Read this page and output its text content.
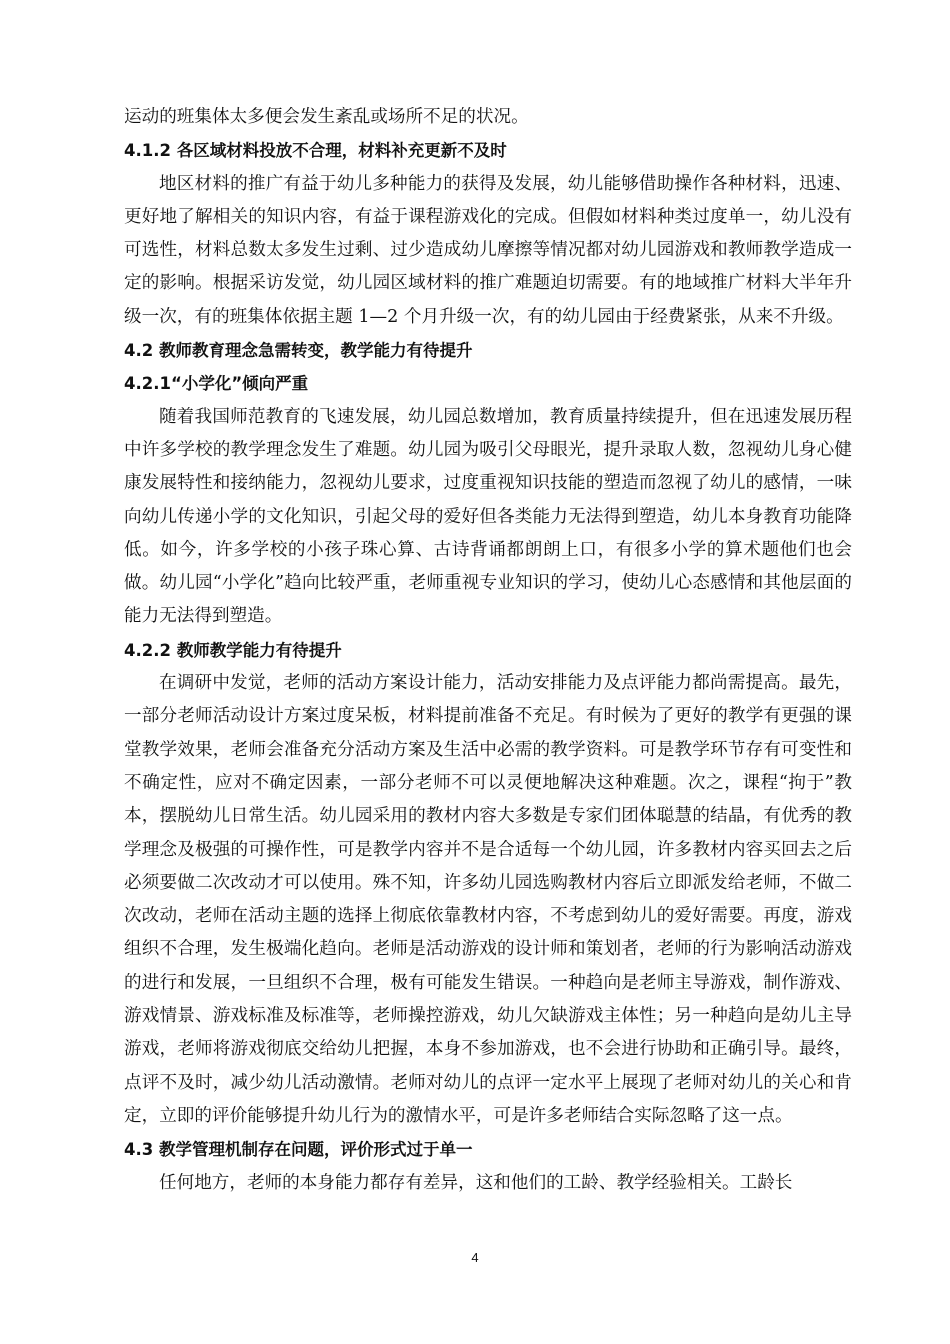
运动的班集体太多便会发生紊乱或场所不足的状况。

4.1.2 各区域材料投放不合理，材料补充更新不及时

地区材料的推广有益于幼儿多种能力的获得及发展，幼儿能够借助操作各种材料，迅速、更好地了解相关的知识内容，有益于课程游戏化的完成。但假如材料种类过度单一，幼儿没有可选性，材料总数太多发生过剩、过少造成幼儿摩擦等情况都对幼儿园游戏和教师教学造成一定的影响。根据采访发觉，幼儿园区域材料的推广难题迫切需要。有的地域推广材料大半年升级一次，有的班集体依据主题 1—2 个月升级一次，有的幼儿园由于经费紧张，从来不升级。

4.2 教师教育理念急需转变，教学能力有待提升

4.2.1“小学化”倾向严重

随着我国师范教育的飞速发展，幼儿园总数增加，教育质量持续提升，但在迅速发展历程中许多学校的教学理念发生了难题。幼儿园为吸引父母眼光，提升录取人数，忽视幼儿身心健康发展特性和接纳能力，忽视幼儿要求，过度重视知识技能的塑造而忽视了幼儿的感情，一味向幼儿传递小学的文化知识，引起父母的爱好但各类能力无法得到塑造，幼儿本身教育功能降低。如今，许多学校的小孩子珠心算、古诗背诵都朗朗上口，有很多小学的算术题他们也会做。幼儿园“小学化”趋向比较严重，老师重视专业知识的学习，使幼儿心态感情和其他层面的能力无法得到塑造。

4.2.2 教师教学能力有待提升

在调研中发觉，老师的活动方案设计能力，活动安排能力及点评能力都尚需提高。最先，一部分老师活动设计方案过度呆板，材料提前准备不充足。有时候为了更好的教学有更强的课堂教学效果，老师会准备充分活动方案及生活中必需的教学资料。可是教学环节存有可变性和不确定性，应对不确定因素，一部分老师不可以灵便地解决这种难题。次之，课程“拘于”教本，摆脱幼儿日常生活。幼儿园采用的教材内容大多数是专家们团体聪慧的结晶，有优秀的教学理念及极强的可操作性，可是教学内容并不是合适每一个幼儿园，许多教材内容买回去之后必须要做二次改动才可以使用。殊不知，许多幼儿园选购教材内容后立即派发给老师，不做二次改动，老师在活动主题的选择上彻底依靠教材内容，不考虑到幼儿的爱好需要。再度，游戏组织不合理，发生极端化趋向。老师是活动游戏的设计师和策划者，老师的行为影响活动游戏的进行和发展，一旦组织不合理，极有可能发生错误。一种趋向是老师主导游戏，制作游戏、游戏情景、游戏标准及标准等，老师操控游戏，幼儿欠缺游戏主体性；另一种趋向是幼儿主导游戏，老师将游戏彻底交给幼儿把握，本身不参加游戏，也不会进行协助和正确引导。最终，点评不及时，减少幼儿活动激情。老师对幼儿的点评一定水平上展现了老师对幼儿的关心和肯定，立即的评价能够提升幼儿行为的激情水平，可是许多老师结合实际忽略了这一点。

4.3 教学管理机制存在问题，评价形式过于单一

任何地方，老师的本身能力都存有差异，这和他们的工龄、教学经验相关。工龄长

4
